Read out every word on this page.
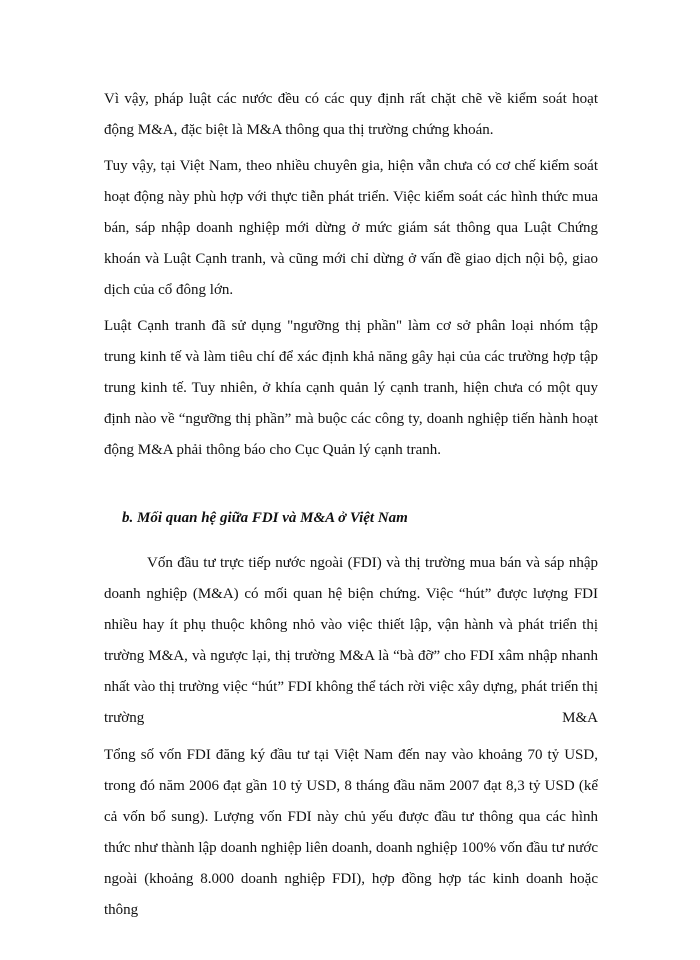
Vì vậy, pháp luật các nước đều có các quy định rất chặt chẽ về kiểm soát hoạt động M&A, đặc biệt là M&A thông qua thị trường chứng khoán.

Tuy vậy, tại Việt Nam, theo nhiều chuyên gia, hiện vẫn chưa có cơ chế kiểm soát hoạt động này phù hợp với thực tiễn phát triển. Việc kiểm soát các hình thức mua bán, sáp nhập doanh nghiệp mới dừng ở mức giám sát thông qua Luật Chứng khoán và Luật Cạnh tranh, và cũng mới chỉ dừng ở vấn đề giao dịch nội bộ, giao dịch của cổ đông lớn.

Luật Cạnh tranh đã sử dụng "ngưỡng thị phần" làm cơ sở phân loại nhóm tập trung kinh tế và làm tiêu chí để xác định khả năng gây hại của các trường hợp tập trung kinh tế. Tuy nhiên, ở khía cạnh quản lý cạnh tranh, hiện chưa có một quy định nào về “ngưỡng thị phần” mà buộc các công ty, doanh nghiệp tiến hành hoạt động M&A phải thông báo cho Cục Quản lý cạnh tranh.

b. Mối quan hệ giữa FDI và M&A ở Việt Nam

Vốn đầu tư trực tiếp nước ngoài (FDI) và thị trường mua bán và sáp nhập doanh nghiệp (M&A) có mối quan hệ biện chứng. Việc “hút” được lượng FDI nhiều hay ít phụ thuộc không nhỏ vào việc thiết lập, vận hành và phát triển thị trường M&A, và ngược lại, thị trường M&A là “bà đỡ” cho FDI xâm nhập nhanh nhất vào thị trường việc “hút” FDI không thể tách rời việc xây dựng, phát triển thị trường	M&A

Tổng số vốn FDI đăng ký đầu tư tại Việt Nam đến nay vào khoảng 70 tỷ USD, trong đó năm 2006 đạt gần 10 tỷ USD, 8 tháng đầu năm 2007 đạt 8,3 tỷ USD (kể cả vốn bổ sung). Lượng vốn FDI này chủ yếu được đầu tư thông qua các hình thức như thành lập doanh nghiệp liên doanh, doanh nghiệp 100% vốn đầu tư nước ngoài (khoảng 8.000 doanh nghiệp FDI), hợp đồng hợp tác kinh doanh hoặc thông
